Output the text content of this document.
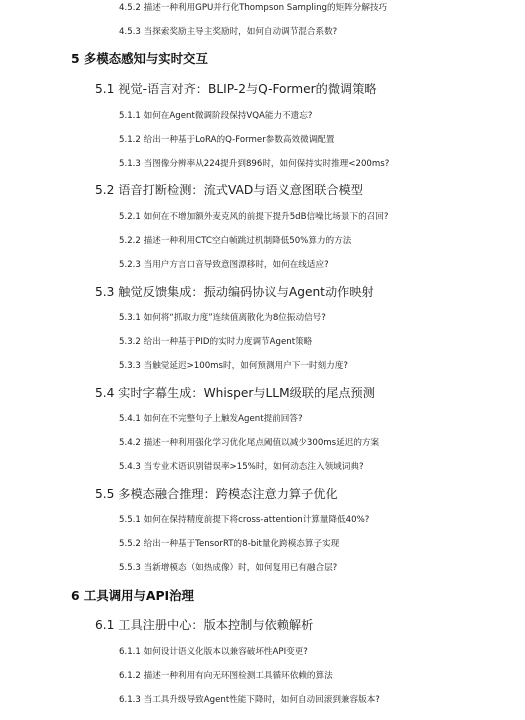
4.5.2 描述一种利用GPU并行化Thompson Sampling的矩阵分解技巧
4.5.3 当探索奖励主导主奖励时，如何自动调节混合系数?
5 多模态感知与实时交互
5.1 视觉-语言对齐：BLIP-2与Q-Former的微调策略
5.1.1 如何在Agent微调阶段保持VQA能力不遗忘?
5.1.2 给出一种基于LoRA的Q-Former参数高效微调配置
5.1.3 当图像分辨率从224提升到896时，如何保持实时推理<200ms?
5.2 语音打断检测：流式VAD与语义意图联合模型
5.2.1 如何在不增加额外麦克风的前提下提升5dB信噪比场景下的召回?
5.2.2 描述一种利用CTC空白帧跳过机制降低50%算力的方法
5.2.3 当用户方言口音导致意图漂移时，如何在线适应?
5.3 触觉反馈集成：振动编码协议与Agent动作映射
5.3.1 如何将“抓取力度”连续值离散化为8位振动信号?
5.3.2 给出一种基于PID的实时力度调节Agent策略
5.3.3 当触觉延迟>100ms时，如何预测用户下一时刻力度?
5.4 实时字幕生成：Whisper与LLM级联的尾点预测
5.4.1 如何在不完整句子上触发Agent提前回答?
5.4.2 描述一种利用强化学习优化尾点阈值以减少300ms延迟的方案
5.4.3 当专业术语识别错误率>15%时，如何动态注入领域词典?
5.5 多模态融合推理：跨模态注意力算子优化
5.5.1 如何在保持精度前提下将cross-attention计算量降低40%?
5.5.2 给出一种基于TensorRT的8-bit量化跨模态算子实现
5.5.3 当新增模态（如热成像）时，如何复用已有融合层?
6 工具调用与API治理
6.1 工具注册中心：版本控制与依赖解析
6.1.1 如何设计语义化版本以兼容破坏性API变更?
6.1.2 描述一种利用有向无环图检测工具循环依赖的算法
6.1.3 当工具升级导致Agent性能下降时，如何自动回滚到兼容版本?
